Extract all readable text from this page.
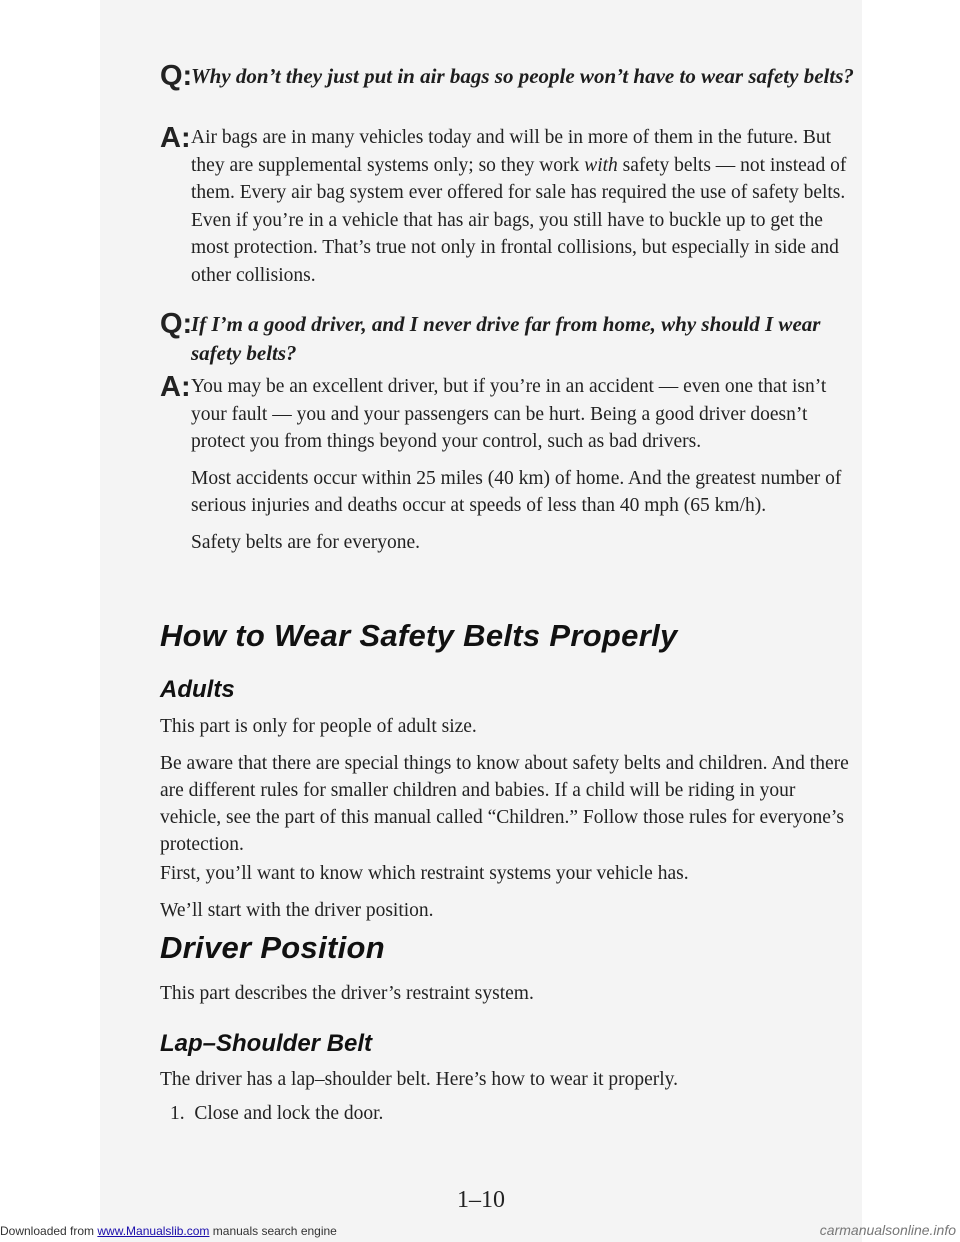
Q:
Why don’t they just put in air bags so people won’t have to wear safety belts?
A: Air bags are in many vehicles today and will be in more of them in the future. But they are supplemental systems only; so they work with safety belts — not instead of them. Every air bag system ever offered for sale has required the use of safety belts. Even if you’re in a vehicle that has air bags, you still have to buckle up to get the most protection. That’s true not only in frontal collisions, but especially in side and other collisions.
Q:
If I’m a good driver, and I never drive far from home, why should I wear safety belts?
A: You may be an excellent driver, but if you’re in an accident — even one that isn’t your fault — you and your passengers can be hurt. Being a good driver doesn’t protect you from things beyond your control, such as bad drivers.

Most accidents occur within 25 miles (40 km) of home. And the greatest number of serious injuries and deaths occur at speeds of less than 40 mph (65 km/h).

Safety belts are for everyone.

How to Wear Safety Belts Properly
Adults

This part is only for people of adult size.

Be aware that there are special things to know about safety belts and children. And there are different rules for smaller children and babies. If a child will be riding in your vehicle, see the part of this manual called “Children.” Follow those rules for everyone’s protection.

First, you’ll want to know which restraint systems your vehicle has.

We’ll start with the driver position.

Driver Position

This part describes the driver’s restraint system.

Lap–Shoulder Belt

The driver has a lap–shoulder belt. Here’s how to wear it properly.

1.  Close and lock the door.
1–10
Downloaded from www.Manualslib.com manuals search engine	carmanualsonline.info
